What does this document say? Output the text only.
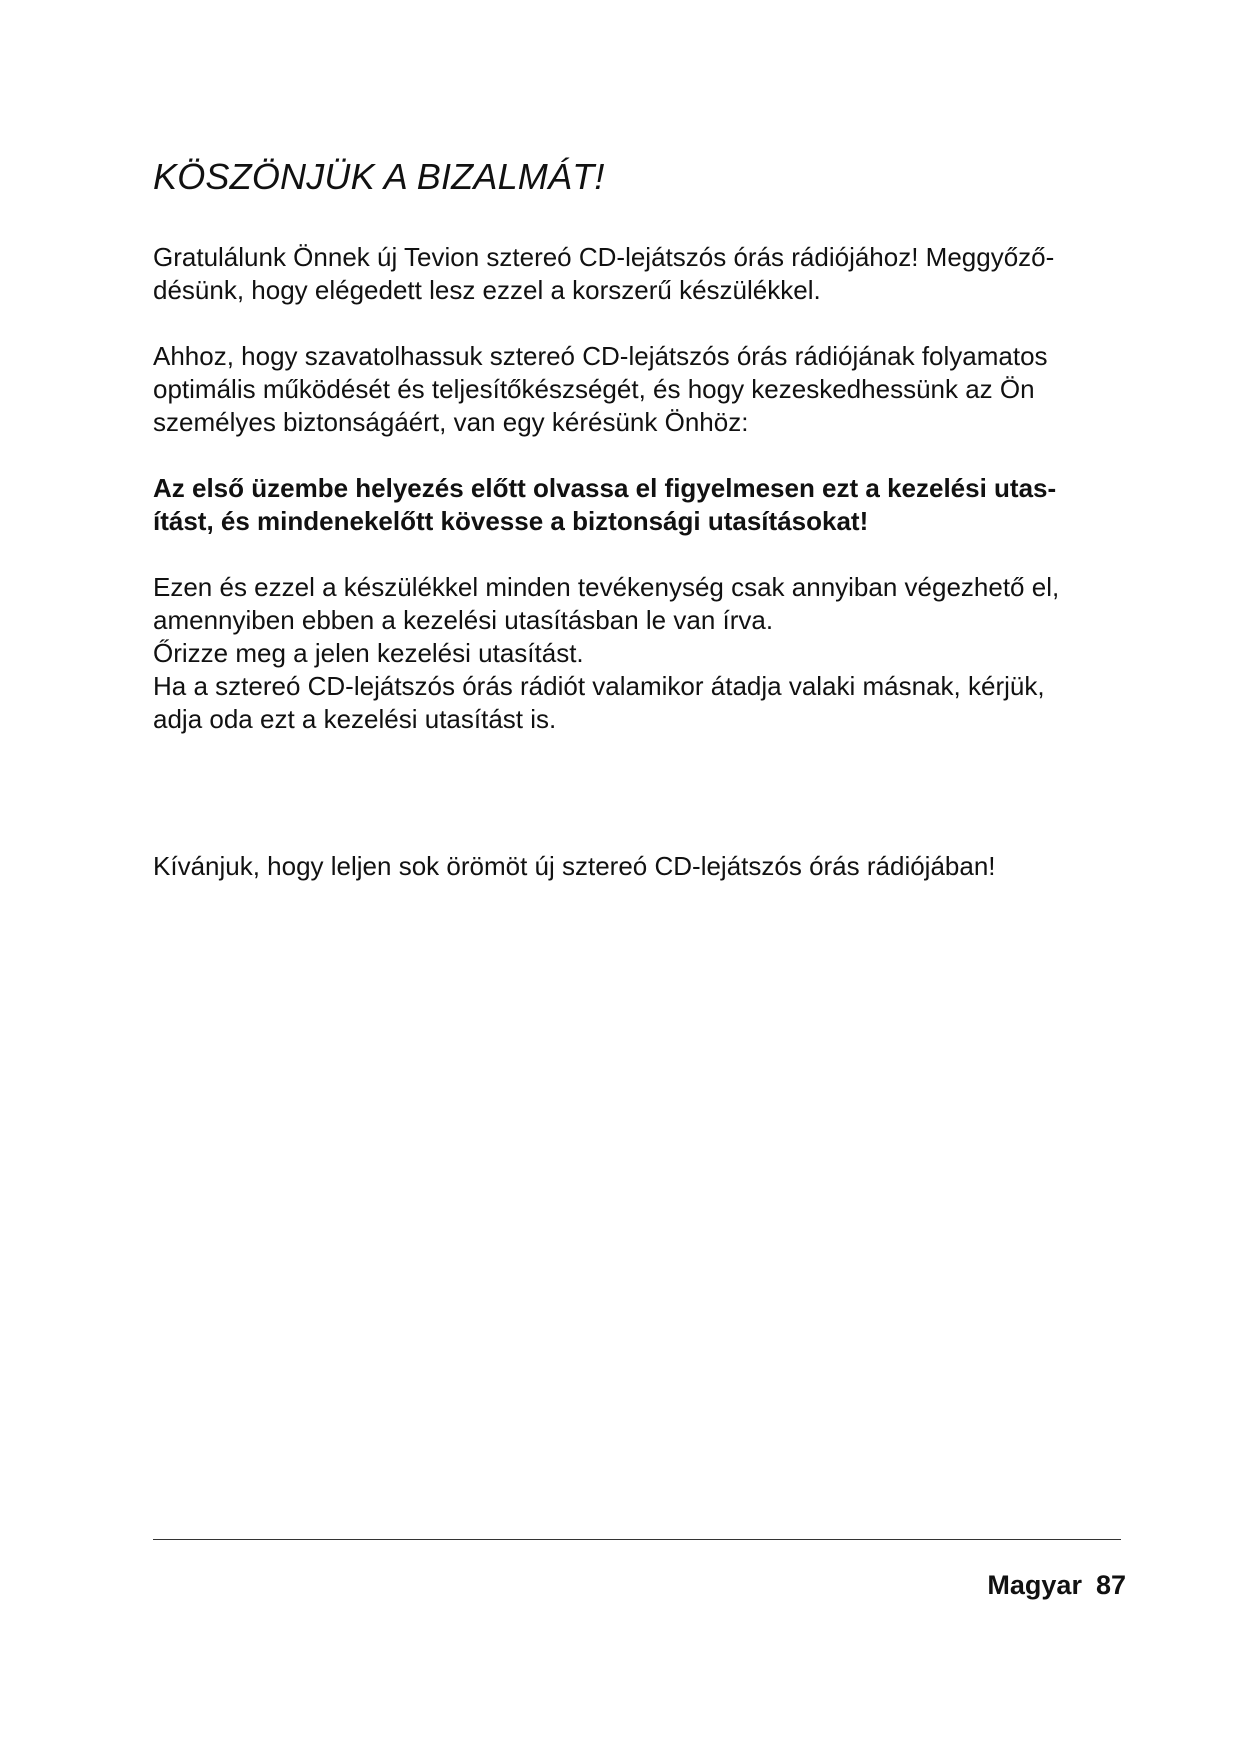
KÖSZÖNJÜK A BIZALMÁT!

Gratulálunk Önnek új Tevion sztereó CD-lejátszós órás rádiójához! Meggyőző-
désünk, hogy elégedett lesz ezzel a korszerű készülékkel.

Ahhoz, hogy szavatolhassuk sztereó CD-lejátszós órás rádiójának folyamatos
optimális működését és teljesítőkészségét, és hogy kezeskedhessünk az Ön
személyes biztonságáért, van egy kérésünk Önhöz:

Az első üzembe helyezés előtt olvassa el figyelmesen ezt a kezelési utas-
ítást, és mindenekelőtt kövesse a biztonsági utasításokat!

Ezen és ezzel a készülékkel minden tevékenység csak annyiban végezhető el,
amennyiben ebben a kezelési utasításban le van írva.
Őrizze meg a jelen kezelési utasítást.
Ha a sztereó CD-lejátszós órás rádiót valamikor átadja valaki másnak, kérjük,
adja oda ezt a kezelési utasítást is.

Kívánjuk, hogy leljen sok örömöt új sztereó CD-lejátszós órás rádiójában!

Magyar 87
